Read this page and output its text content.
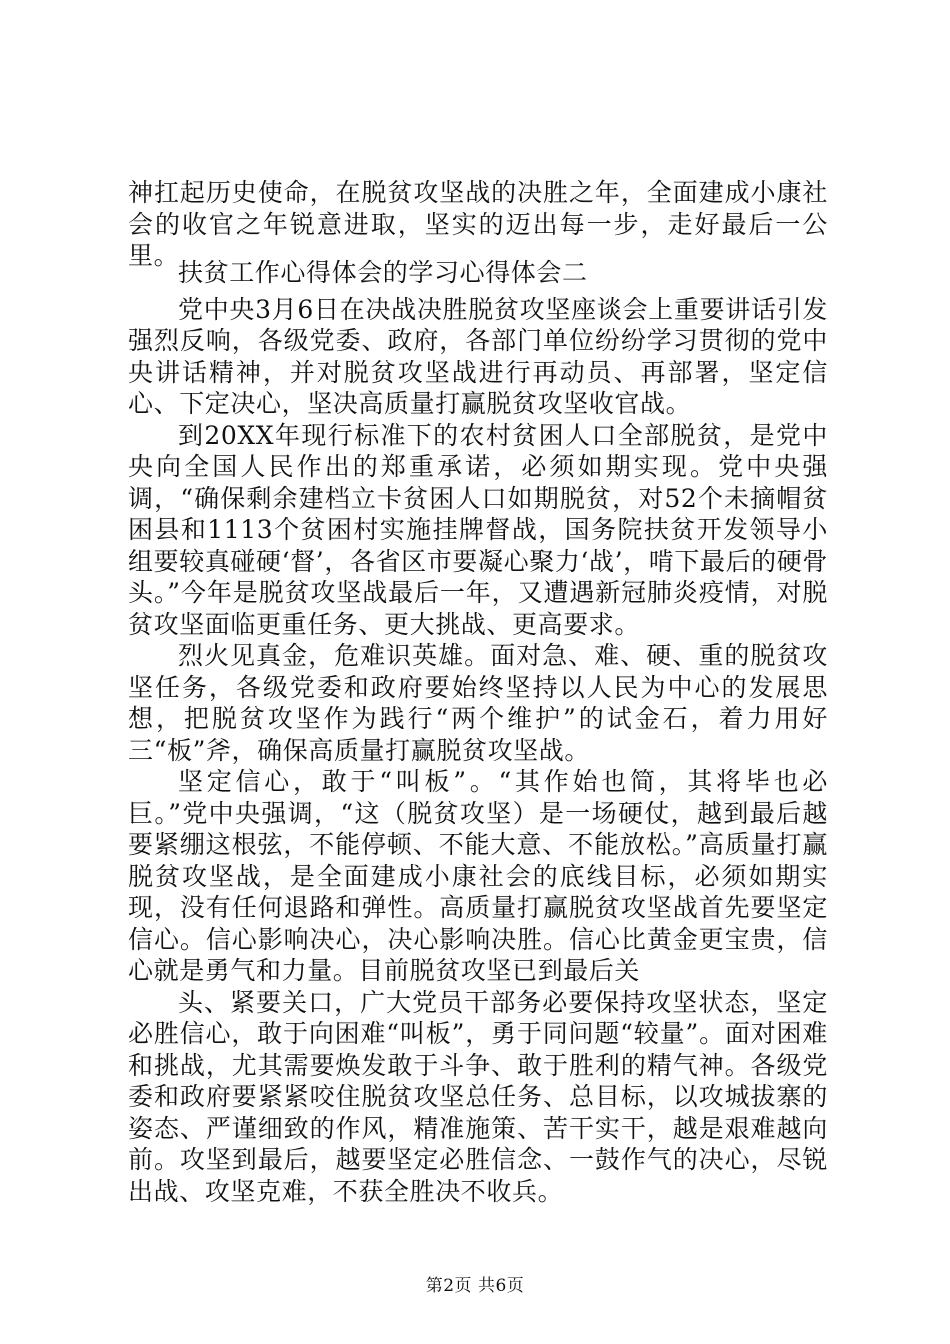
神扛起历史使命，在脱贫攻坚战的决胜之年，全面建成小康社会的收官之年锐意进取，坚实的迈出每一步，走好最后一公里。

扶贫工作心得体会的学习心得体会二

党中央3月6日在决战决胜脱贫攻坚座谈会上重要讲话引发强烈反响，各级党委、政府，各部门单位纷纷学习贯彻的党中央讲话精神，并对脱贫攻坚战进行再动员、再部署，坚定信心、下定决心，坚决高质量打赢脱贫攻坚收官战。

到20XX年现行标准下的农村贫困人口全部脱贫，是党中央向全国人民作出的郑重承诺，必须如期实现。党中央强调，“确保剩余建档立卡贫困人口如期脱贫，对52个未摘帽贫困县和1113个贫困村实施挂牌督战，国务院扶贫开发领导小组要较真碰硬‘督’，各省区市要凝心聚力‘战’，啃下最后的硬骨头。”今年是脱贫攻坚战最后一年，又遭遇新冠肺炎疫情，对脱贫攻坚面临更重任务、更大挑战、更高要求。

烈火见真金，危难识英雄。面对急、难、硬、重的脱贫攻坚任务，各级党委和政府要始终坚持以人民为中心的发展思想，把脱贫攻坚作为践行“两个维护”的试金石，着力用好三“板”斧，确保高质量打赢脱贫攻坚战。

坚定信心，敢于“叫板”。“其作始也简，其将毕也必巨。”党中央强调，“这（脱贫攻坚）是一场硬仗，越到最后越要紧绷这根弦，不能停顿、不能大意、不能放松。”高质量打赢脱贫攻坚战，是全面建成小康社会的底线目标，必须如期实现，没有任何退路和弹性。高质量打赢脱贫攻坚战首先要坚定信心。信心影响决心，决心影响决胜。信心比黄金更宝贵，信心就是勇气和力量。目前脱贫攻坚已到最后关

头、紧要关口，广大党员干部务必要保持攻坚状态，坚定必胜信心，敢于向困难“叫板”，勇于同问题“较量”。面对困难和挑战，尤其需要焕发敢于斗争、敢于胜利的精气神。各级党委和政府要紧紧咬住脱贫攻坚总任务、总目标，以攻城拔寨的姿态、严谨细致的作风，精准施策、苦干实干，越是艰难越向前。攻坚到最后，越要坚定必胜信念、一鼓作气的决心，尽锐出战、攻坚克难，不获全胜决不收兵。

第2页 共6页
